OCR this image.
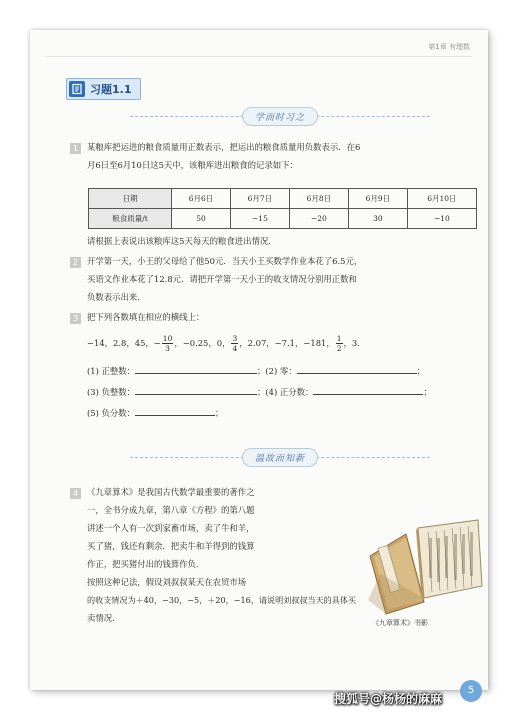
第1章 有理数
习题1.1
学而时习之
1	某粮库把运进的粮食质量用正数表示，把运出的粮食质量用负数表示．在6
月6日至6月10日这5天中，该粮库进出粮食的记录如下：
日期	6月6日	6月7日	6月8日	6月9日	6月10日
粮食质量/t	50	−15	−20	30	−10
请根据上表说出该粮库这5天每天的粮食进出情况．
2	开学第一天，小王的父母给了他50元．当天小王买数学作业本花了6.5元，
买语文作业本花了12.8元．请把开学第一天小王的收支情况分别用正数和
负数表示出来．
3	把下列各数填在相应的横线上：
−14，2.8，45，− $\frac{10}{3}$ ，−0.25，0， $\frac{3}{4}$ ，2.07，−7.1，−181， $\frac{1}{2}$ ，3．
(1) 正整数：	；(2) 零：	；
(3) 负整数：	；(4) 正分数：	；
(5) 负分数：	；
温故而知新
4	《九章算术》是我国古代数学最重要的著作之
一，全书分成九章，第八章《方程》的第八题
讲述一个人有一次到家畜市场，卖了牛和羊，
买了猪，钱还有剩余．把卖牛和羊得到的钱算
作正，把买猪付出的钱算作负．
按照这种记法，假设刘叔叔某天在农贸市场
的收支情况为＋40，−30，−5，＋20，−16，请说明刘叔叔当天的具体买
卖情况．	《九章算术》书影
5
搜狐号@杨杨的麻麻
